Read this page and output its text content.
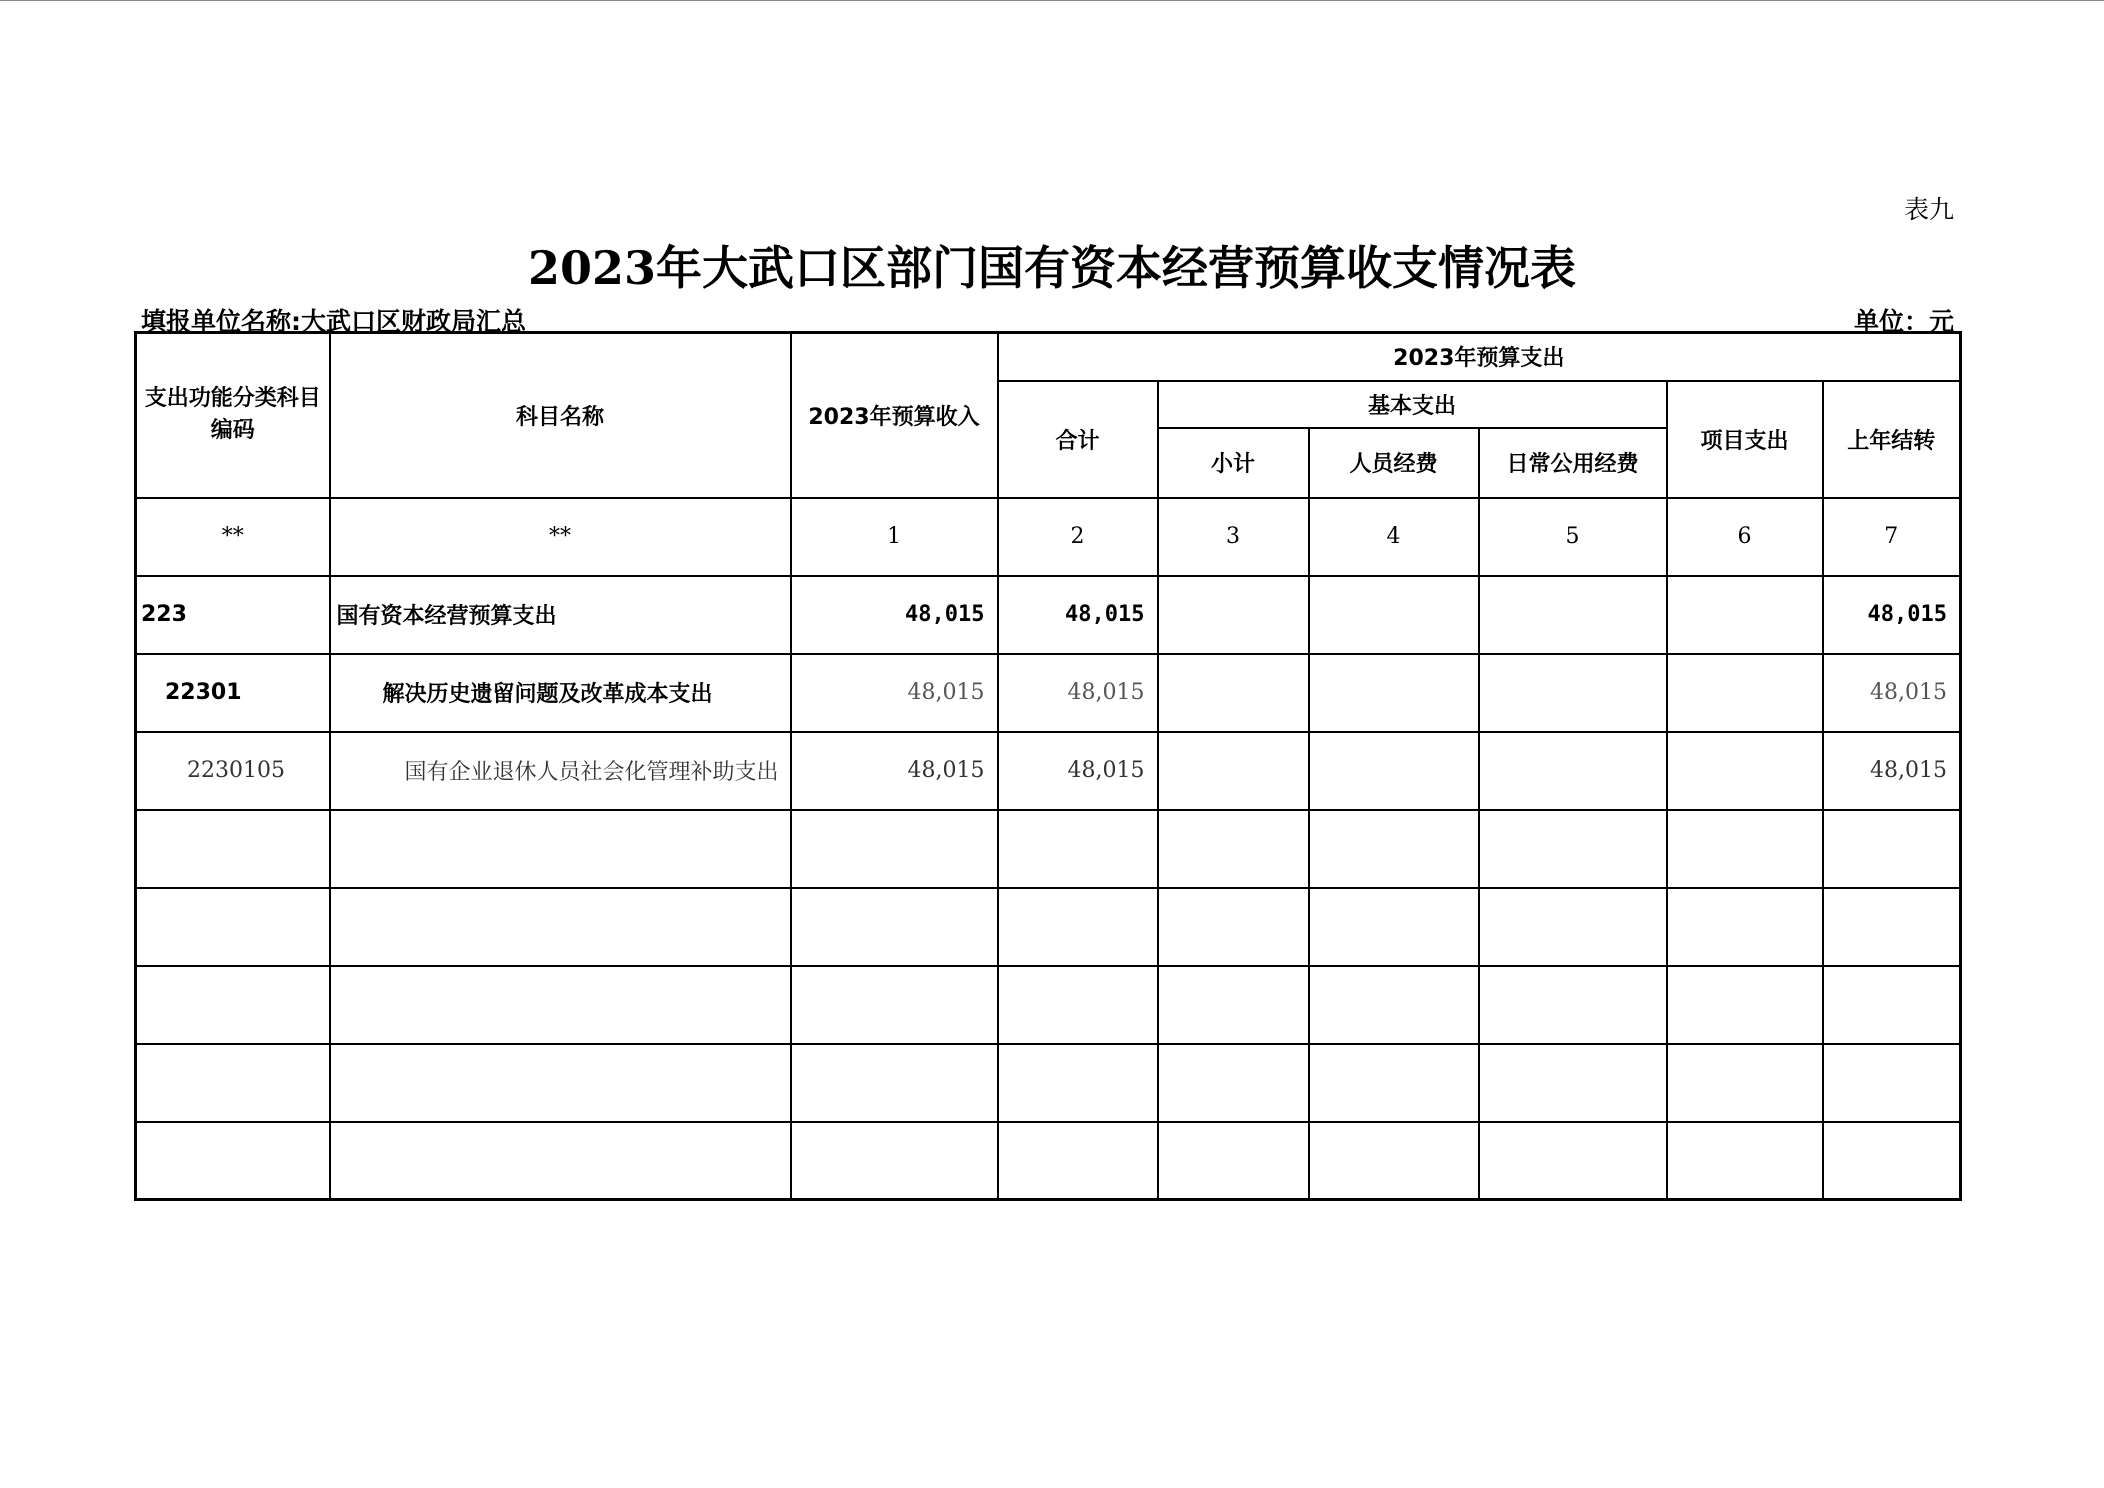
表九
2023年大武口区部门国有资本经营预算收支情况表
填报单位名称:大武口区财政局汇总	单位：元
支出功能分类科目编码	科目名称	2023年预算收入	2023年预算支出					
			合计	基本支出			项目支出	上年结转
				小计	人员经费	日常公用经费		
**	**	1	2	3	4	5	6	7
223	国有资本经营预算支出	48,015	48,015					48,015
22301	解决历史遗留问题及改革成本支出	48,015	48,015					48,015
2230105	国有企业退休人员社会化管理补助支出	48,015	48,015					48,015
